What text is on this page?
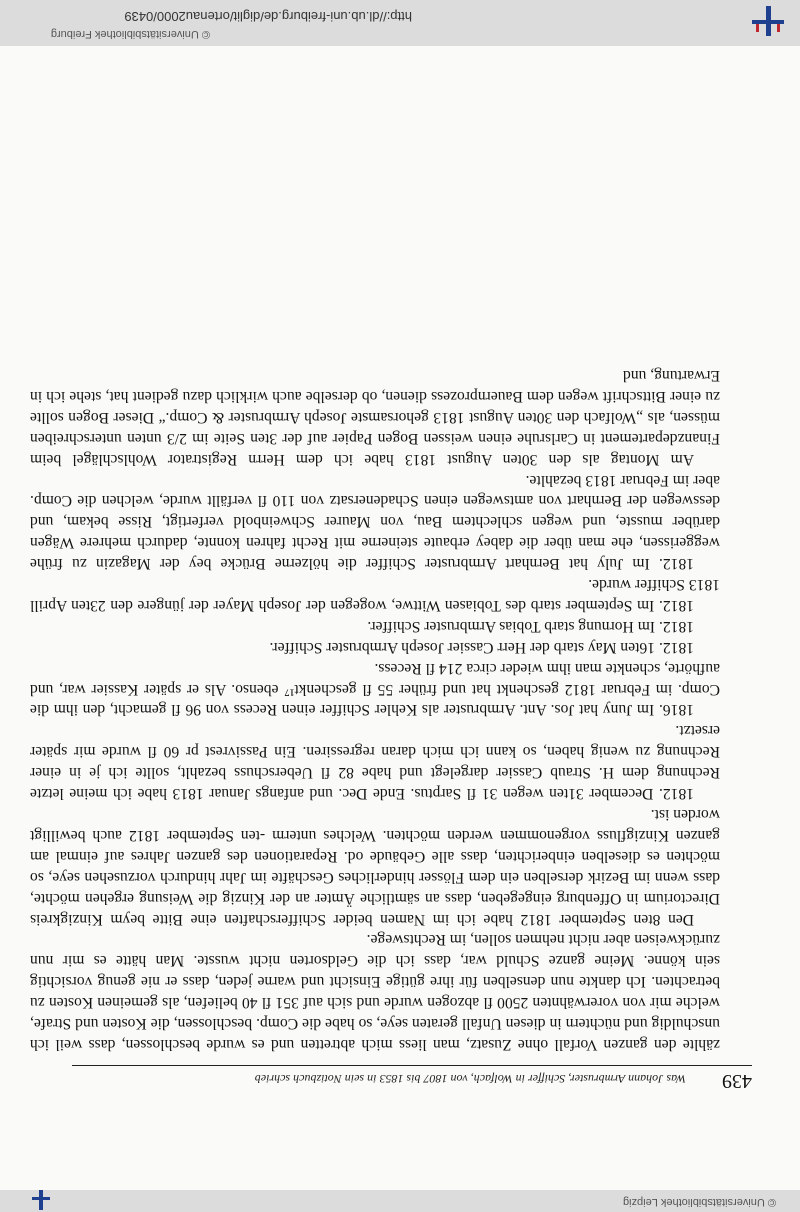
© Universitätsbibliothek Leipzig
439
Was Johann Armbruster, Schiffer in Wolfach, von 1807 bis 1853 in sein Notizbuch schrieb

zählte den ganzen Vorfall ohne Zusatz, man liess mich abtretten und es wurde beschlossen, dass weil ich unschuldig und nüchtern in diesen Unfall geraten seye, so habe die Comp. beschlossen, die Kosten und Strafe, welche mir von vorerwähnten 2500 fl abzogen wurde und sich auf 351 fl 40 beliefen, als gemeinen Kosten zu betrachten. Ich dankte nun denselben für ihre gütige Einsicht und warne jeden, dass er nie genug vorsichtig sein könne. Meine ganze Schuld war, dass ich die Geldsorten nicht wusste. Man hätte es mir nun zurückweisen aber nicht nehmen sollen, im Rechtswege.

Den 8ten September 1812 habe ich im Namen beider Schifferschaften eine Bitte beym Kinzigkreis Directorium in Offenburg eingegeben, dass an sämtliche Ämter an der Kinzig die Weisung ergehen möchte, dass wenn im Bezirk derselben ein dem Flösser hinderliches Geschäfte im Jahr hindurch vorzusehen seye, so möchten es dieselben einberichten, dass alle Gebäude od. Reparationen des ganzen Jahres auf einmal am ganzen Kinzigfluss vorgenommen werden möchten. Welches unterm -ten September 1812 auch bewilligt worden ist.

1812. December 31ten wegen 31 fl Sarptus. Ende Dec. und anfangs Januar 1813 habe ich meine letzte Rechnung dem H. Straub Cassier dargelegt und habe 82 fl Ueberschuss bezahlt, sollte ich je in einer Rechnung zu wenig haben, so kann ich mich daran regressiren. Ein Passivrest pr 60 fl wurde mir später ersetzt.

1816. Im Juny hat Jos. Ant. Armbruster als Kehler Schiffer einen Recess von 96 fl gemacht, den ihm die Comp. im Februar 1812 geschenkt hat und früher 55 fl geschenkt¹⁷ ebenso. Als er später Kassier war, und aufhörte, schenkte man ihm wieder circa 214 fl Recess.

1812. 16ten May starb der Herr Cassier Joseph Armbruster Schiffer.

1812. Im Hornung starb Tobias Armbruster Schiffer.

1812. Im September starb des Tobiasen Wittwe, wogegen der Joseph Mayer der jüngere den 23ten Aprill 1813 Schiffer wurde.

1812. Im July hat Bernhart Armbruster Schiffer die hölzerne Brücke bey der Magazin zu frühe weggerissen, ehe man über die dabey erbaute steinerne mit Recht fahren konnte, dadurch mehrere Wägen darüber musste, und wegen schlechtem Bau, von Maurer Schweinbold verfertigt, Risse bekam, und desswegen der Bernhart von amtswegen einen Schadenersatz von 110 fl verfällt wurde, welchen die Comp. aber im Februar 1813 bezahlte.

Am Montag als den 30ten August 1813 habe ich dem Herrn Registrator Wohlschlägel beim Finanzdepartement in Carlsruhe einen weissen Bogen Papier auf der 3ten Seite im 2/3 unten unterschreiben müssen, als „Wolfach den 30ten August 1813 gehorsamste Joseph Armbruster & Comp.“ Dieser Bogen sollte zu einer Bittschrift wegen dem Bauernprozess dienen, ob derselbe auch wirklich dazu gedient hat, stehe ich in Erwartung, und

© Universitätsbibliothek Freiburg
http://dl.ub.uni-freiburg.de/diglit/ortenau2000/0439
